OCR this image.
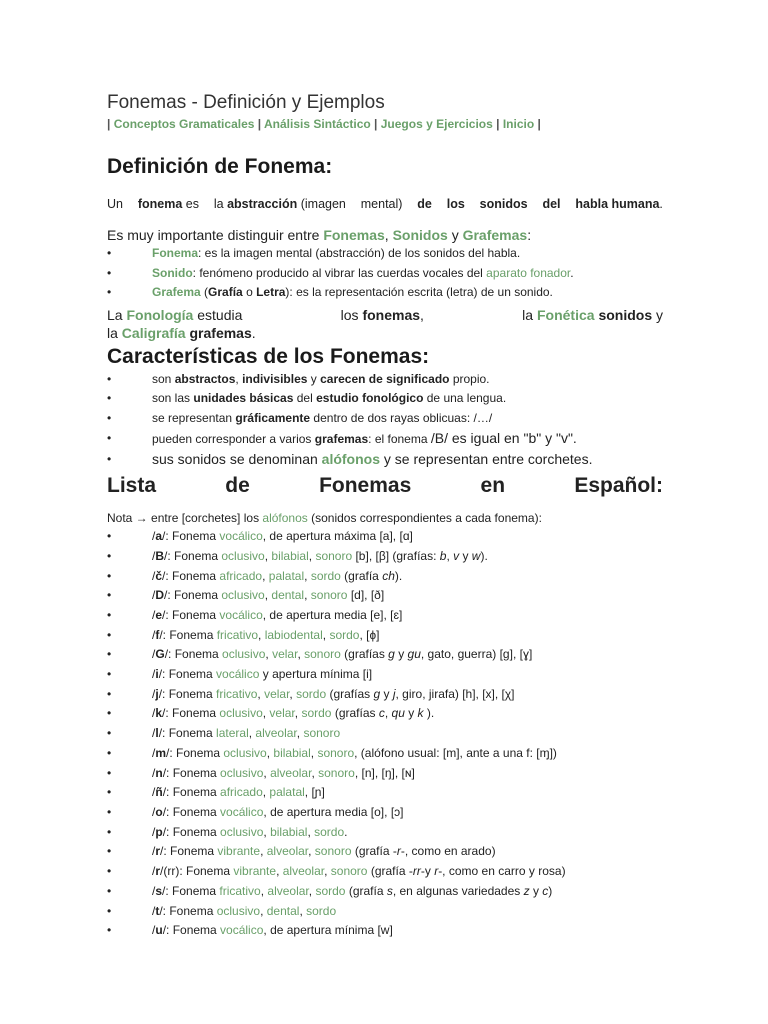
Fonemas - Definición y Ejemplos
| Conceptos Gramaticales | Análisis Sintáctico | Juegos y Ejercicios | Inicio |
Definición de Fonema:
Un fonema es la abstracción (imagen mental) de los sonidos del habla humana.
Es muy importante distinguir entre Fonemas, Sonidos y Grafemas:
• Fonema: es la imagen mental (abstracción) de los sonidos del habla.
• Sonido: fenómeno producido al vibrar las cuerdas vocales del aparato fonador.
• Grafema (Grafía o Letra): es la representación escrita (letra) de un sonido.
La Fonología estudia	los fonemas,	la Fonética sonidos y
la Caligrafía grafemas.
Características de los Fonemas:
• son abstractos, indivisibles y carecen de significado propio.
• son las unidades básicas del estudio fonológico de una lengua.
• se representan gráficamente dentro de dos rayas oblicuas: /…/
• pueden corresponder a varios grafemas: el fonema /B/ es igual en "b" y "v".
• sus sonidos se denominan alófonos y se representan entre corchetes.
Lista	de	Fonemas	en	Español:
Nota → entre [corchetes] los alófonos (sonidos correspondientes a cada fonema):
• /a/: Fonema vocálico, de apertura máxima [a], [ɑ]
• /B/: Fonema oclusivo, bilabial, sonoro [b], [β] (grafías: b, v y w).
• /č/: Fonema africado, palatal, sordo (grafía ch).
• /D/: Fonema oclusivo, dental, sonoro [d], [ð]
• /e/: Fonema vocálico, de apertura media [e], [ɛ]
• /f/: Fonema fricativo, labiodental, sordo, [ɸ]
• /G/: Fonema oclusivo, velar, sonoro (grafías g y gu, gato, guerra) [g], [ɣ]
• /i/: Fonema vocálico y apertura mínima [i]
• /j/: Fonema fricativo, velar, sordo (grafías g y j, giro, jirafa) [h], [x], [χ]
• /k/: Fonema oclusivo, velar, sordo (grafías c, qu y k ).
• /l/: Fonema lateral, alveolar, sonoro
• /m/: Fonema oclusivo, bilabial, sonoro, (alófono usual: [m], ante a una f: [ɱ])
• /n/: Fonema oclusivo, alveolar, sonoro, [n], [ŋ], [ɴ]
• /ñ/: Fonema africado, palatal, [ɲ]
• /o/: Fonema vocálico, de apertura media [o], [ɔ]
• /p/: Fonema oclusivo, bilabial, sordo.
• /r/: Fonema vibrante, alveolar, sonoro (grafía -r-, como en arado)
• /r/(rr): Fonema vibrante, alveolar, sonoro (grafía -rr-y r-, como en carro y rosa)
• /s/: Fonema fricativo, alveolar, sordo (grafía s, en algunas variedades z y c)
• /t/: Fonema oclusivo, dental, sordo
• /u/: Fonema vocálico, de apertura mínima [w]
